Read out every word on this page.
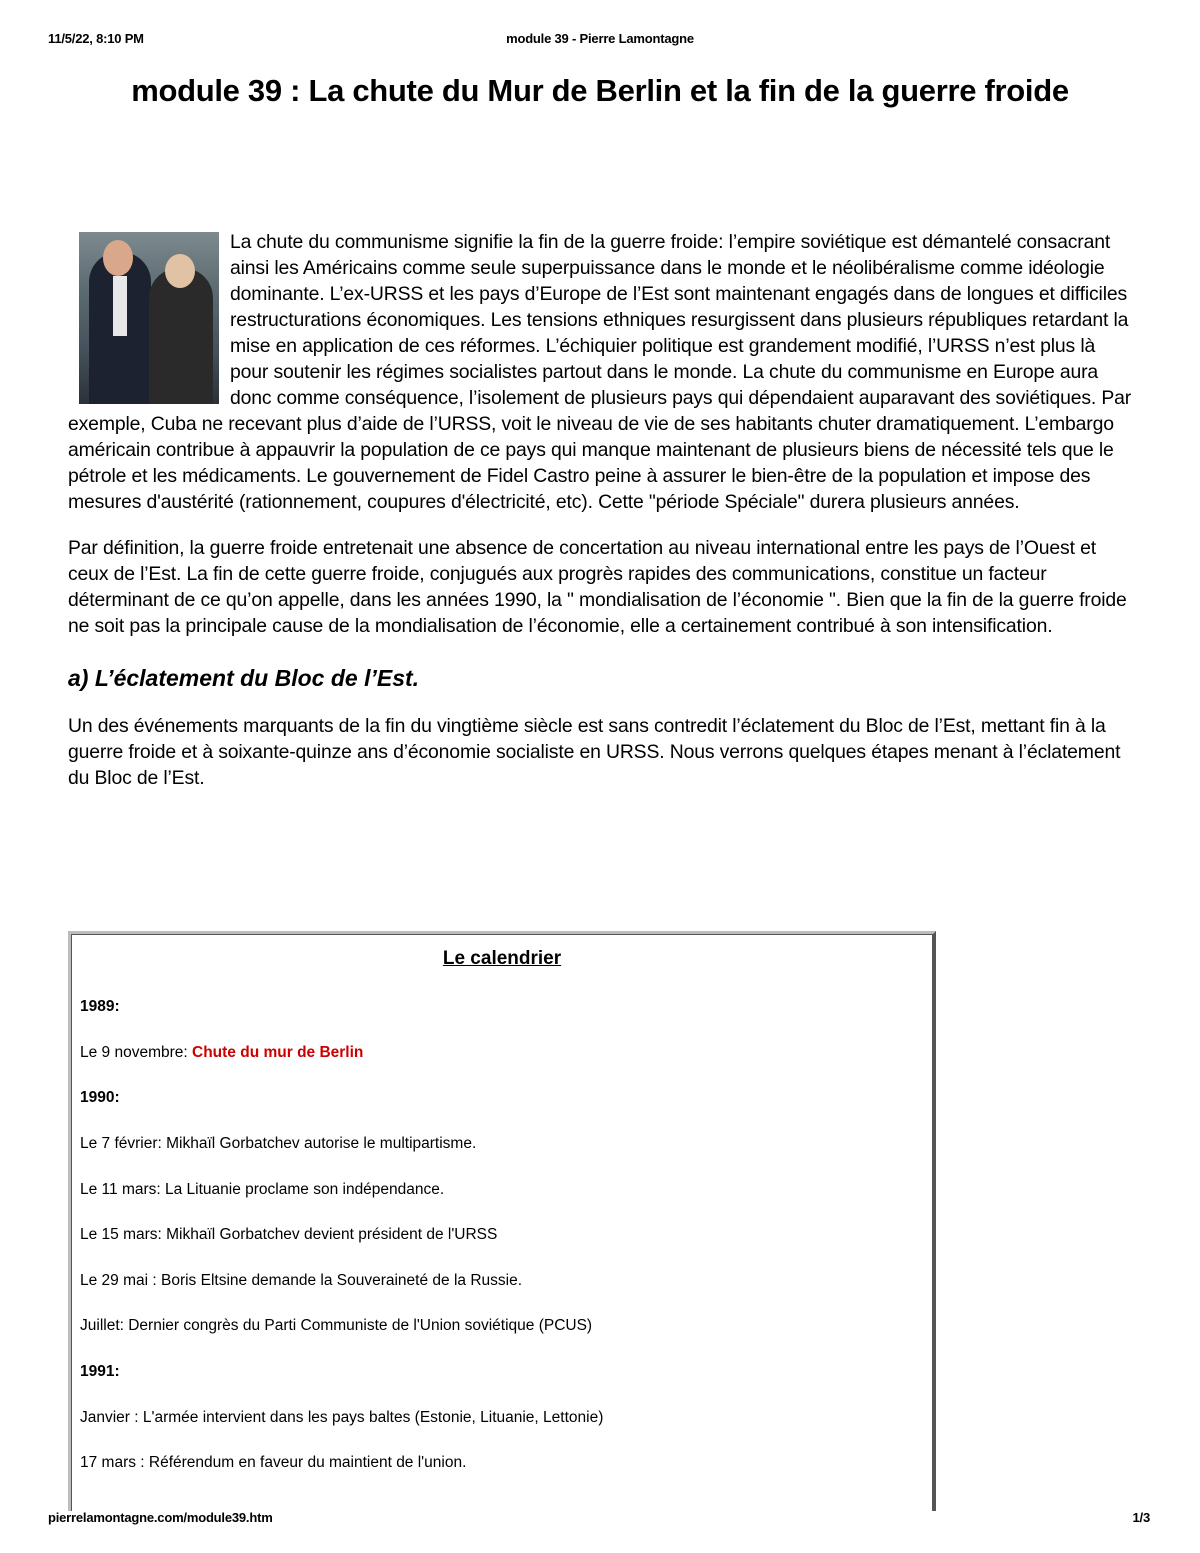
11/5/22, 8:10 PM	module 39 - Pierre Lamontagne
module 39 : La chute du Mur de Berlin et la fin de la guerre froide

La chute du communisme signifie la fin de la guerre froide: l’empire soviétique est démantelé consacrant ainsi les Américains comme seule superpuissance dans le monde et le néolibéralisme comme idéologie dominante. L’ex-URSS et les pays d’Europe de l’Est sont maintenant engagés dans de longues et difficiles restructurations économiques. Les tensions ethniques resurgissent dans plusieurs républiques retardant la mise en application de ces réformes. L’échiquier politique est grandement modifié, l’URSS n’est plus là pour soutenir les régimes socialistes partout dans le monde. La chute du communisme en Europe aura donc comme conséquence, l’isolement de plusieurs pays qui dépendaient auparavant des soviétiques. Par exemple, Cuba ne recevant plus d’aide de l’URSS, voit le niveau de vie de ses habitants chuter dramatiquement. L’embargo américain contribue à appauvrir la population de ce pays qui manque maintenant de plusieurs biens de nécessité tels que le pétrole et les médicaments. Le gouvernement de Fidel Castro peine à assurer le bien-être de la population et impose des mesures d'austérité (rationnement, coupures d'électricité, etc). Cette "période Spéciale" durera plusieurs années.

Par définition, la guerre froide entretenait une absence de concertation au niveau international entre les pays de l’Ouest et ceux de l’Est. La fin de cette guerre froide, conjugués aux progrès rapides des communications, constitue un facteur déterminant de ce qu’on appelle, dans les années 1990, la " mondialisation de l’économie ". Bien que la fin de la guerre froide ne soit pas la principale cause de la mondialisation de l’économie, elle a certainement contribué à son intensification.

a) L’éclatement du Bloc de l’Est.

Un des événements marquants de la fin du vingtième siècle est sans contredit l’éclatement du Bloc de l’Est, mettant fin à la guerre froide et à soixante-quinze ans d’économie socialiste en URSS. Nous verrons quelques étapes menant à l’éclatement du Bloc de l’Est.

Le calendrier

1989:

Le 9 novembre: Chute du mur de Berlin

1990:

Le 7 février: Mikhaïl Gorbatchev autorise le multipartisme.

Le 11 mars: La Lituanie proclame son indépendance.

Le 15 mars: Mikhaïl Gorbatchev devient président de l'URSS

Le 29 mai : Boris Eltsine demande la Souveraineté de la Russie.

Juillet: Dernier congrès du Parti Communiste de l'Union soviétique (PCUS)

1991:

Janvier : L'armée intervient dans les pays baltes (Estonie, Lituanie, Lettonie)

17 mars : Référendum en faveur du maintient de l'union.

pierrelamontagne.com/module39.htm	1/3
